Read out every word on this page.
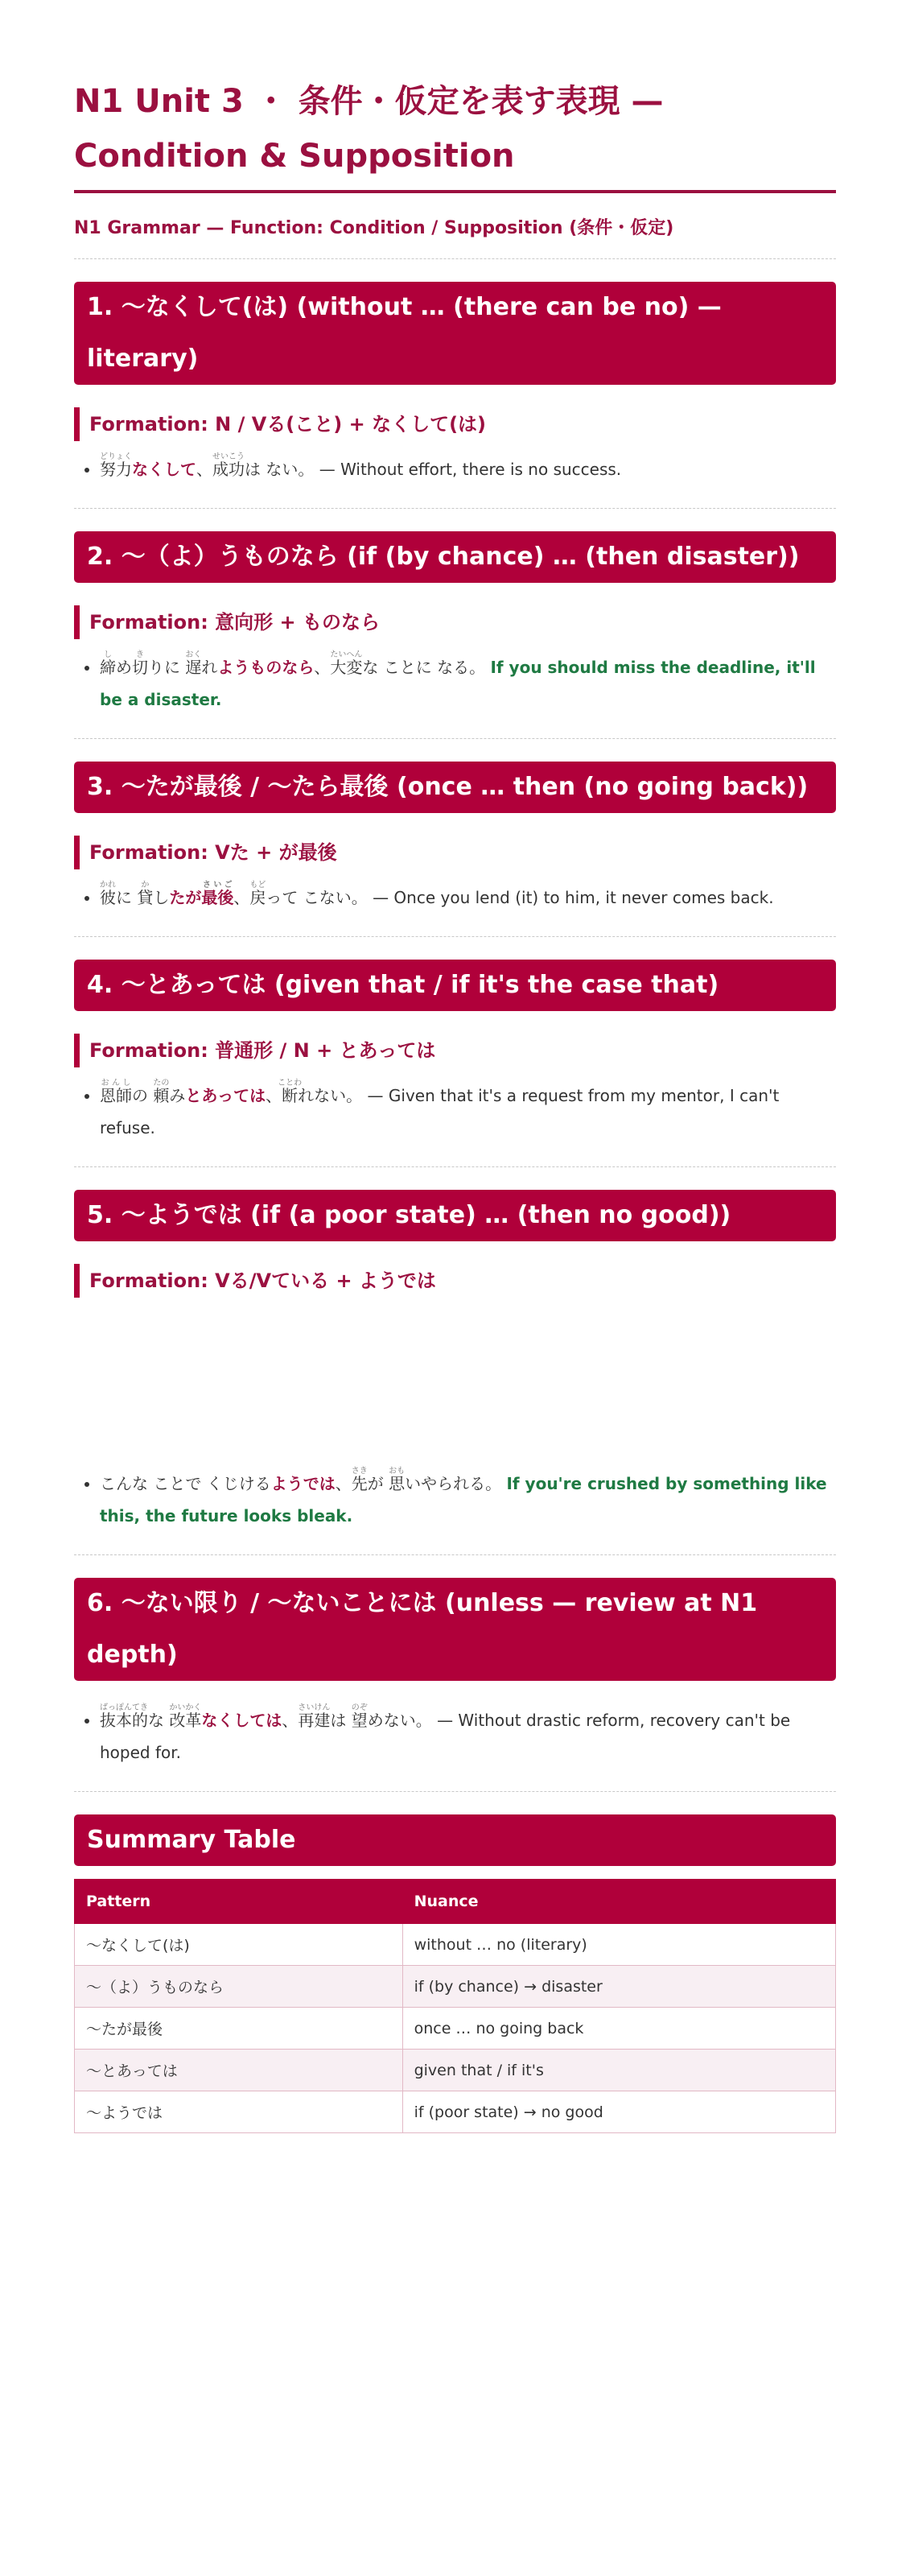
N1 Unit 3 ・ 条件・仮定を表す表現 — Condition & Supposition
N1 Grammar — Function: Condition / Supposition (条件・仮定)
1. 〜なくして(は) (without … (there can be no) — literary)
Formation: N / Vる(こと) + なくして(は)
• 努力どりょくなくして、成功せいこうは ない。 — Without effort, there is no success.
2. 〜（よ）うものなら (if (by chance) … (then disaster))
Formation: 意向形 + ものなら
• 締しめ切きりに 遅おくれようものなら、大変たいへんな ことに なる。 If you should miss the deadline, it'll be a disaster.
3. 〜たが最後 / 〜たら最後 (once … then (no going back))
Formation: Vた + が最後
• 彼かれに 貸かしたが最後さいご、戻もどって こない。 — Once you lend (it) to him, it never comes back.
4. 〜とあっては (given that / if it's the case that)
Formation: 普通形 / N + とあっては
• 恩師おんしの 頼たのみとあっては、断ことわれない。 — Given that it's a request from my mentor, I can't refuse.
5. 〜ようでは (if (a poor state) … (then no good))
Formation: Vる/Vている + ようでは
• こんな ことで くじけるようでは、先さきが 思おもいやられる。 If you're crushed by something like this, the future looks bleak.
6. 〜ない限り / 〜ないことには (unless — review at N1 depth)
• 抜本的ばっぽんてきな 改革かいかくなくしては、再建さいけんは 望のぞめない。 — Without drastic reform, recovery can't be hoped for.
Summary Table
Pattern	Nuance
〜なくして(は)	without … no (literary)
〜（よ）うものなら	if (by chance) → disaster
〜たが最後	once … no going back
〜とあっては	given that / if it's
〜ようでは	if (poor state) → no good
